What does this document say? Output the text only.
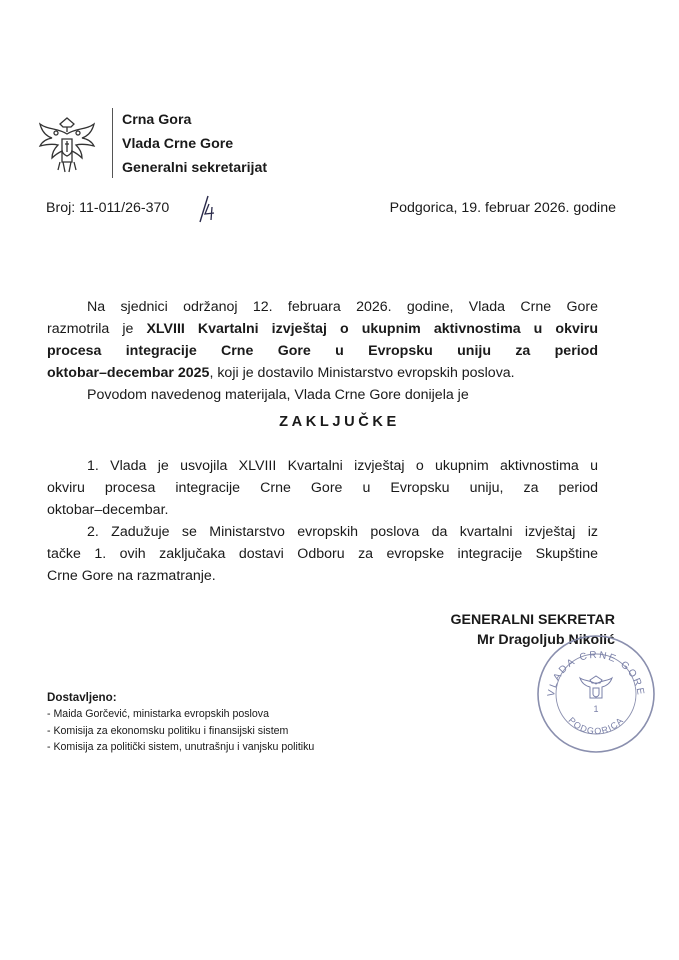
Crna Gora
Vlada Crne Gore
Generalni sekretarijat
Broj: 11-011/26-370	Podgorica, 19. februar 2026. godine
Na sjednici održanoj 12. februara 2026. godine, Vlada Crne Gore
razmotrila je XLVIII Kvartalni izvještaj o ukupnim aktivnostima u okviru
procesa integracije Crne Gore u Evropsku uniju za period
oktobar–decembar 2025, koji je dostavilo Ministarstvo evropskih poslova.
Povodom navedenog materijala, Vlada Crne Gore donijela je
ZAKLJUČKE
1. Vlada je usvojila XLVIII Kvartalni izvještaj o ukupnim aktivnostima u
okviru procesa integracije Crne Gore u Evropsku uniju, za period
oktobar–decembar.
2. Zadužuje se Ministarstvo evropskih poslova da kvartalni izvještaj iz
tačke 1. ovih zaključaka dostavi Odboru za evropske integracije Skupštine
Crne Gore na razmatranje.
GENERALNI SEKRETAR
Mr Dragoljub Nikolić
VLADA CRNE GORE
1
PODGORICA
Dostavljeno:
- Maida Gorčević, ministarka evropskih poslova
- Komisija za ekonomsku politiku i finansijski sistem
- Komisija za politički sistem, unutrašnju i vanjsku politiku
